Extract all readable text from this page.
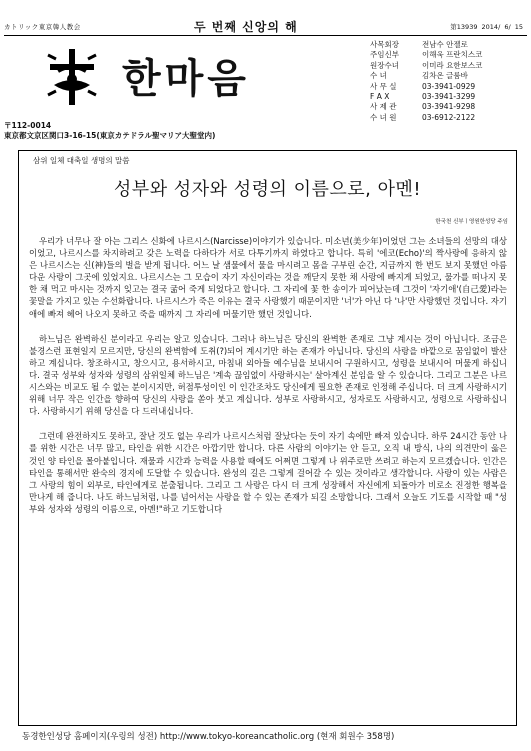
カトリック東京韓人教会	두 번째 신앙의 해	第13939 2014/ 6/ 15
한마음
사목회장	전남수 안젤로
주임신부	이해욱 프란치스코
원장수녀	이미라 요한보스코
수 녀	김차온 글룸바
사 무 실	03-3941-0929
F A X	03-3941-3299
사 제 관	03-3941-9298
수 녀 원	03-6912-2122
〒112-0014
東京都文京区関口3-16-15(東京カテドラル聖マリア大聖堂内)
삼위 일체 대축일 생명의 말씀
성부와 성자와 성령의 이름으로, 아멘!
한국천 신부ㅣ영원한성당 주임

우리가 너무나 잘 아는 그리스 신화에 나르시스(Narcisse)이야기가 있습니다. 미소년(美少年)이었던 그는 소녀들의 선망의 대상이었고, 나르시스를 차지하려고 갖은 노력을 다하다가 서로 다투기까지 하였다고 합니다. 특히 '에코(Echo)'의 짝사랑에 응하지 않은 나르시스는 신(神)들의 벌을 받게 됩니다. 어느 날 샘물에서 물을 마시려고 몸을 구부린 순간, 지금까지 한 번도 보지 못했던 아름다운 사랑이 그곳에 있었지요. 나르시스는 그 모습이 자기 자신이라는 것을 깨닫지 못한 채 사랑에 빠지게 되었고, 물가를 떠나지 못한 채 먹고 마시는 것까지 잊고는 결국 굶어 죽게 되었다고 합니다. 그 자리에 꽃 한 송이가 피어났는데 그것이 '자기애'(自己愛)라는 꽃말을 가지고 있는 수선화랍니다. 나르시스가 죽은 이유는 결국 사랑했기 때문이지만 '너'가 아닌 다 '나'만 사랑했던 것입니다. 자기애에 빠져 헤어 나오지 못하고 죽을 때까지 그 자리에 머물기만 했던 것입니다.

하느님은 완벽하신 분이라고 우리는 알고 있습니다. 그러나 하느님은 당신의 완벽한 존재로 그냥 계시는 것이 아닙니다. 조금은 불경스런 표현일지 모르지만, 당신의 완벽함에 도취(?)되어 계시기만 하는 존재가 아닙니다. 당신의 사랑을 바깥으로 꿈임없이 발산하고 계십니다. 창조하시고, 창으시고, 용서하시고, 마침내 외아들 예수님을 보내시어 구원하시고, 성령을 보내시어 머물게 하십니다. 결국 성부와 성자와 성령의 삼위일체 하느님은 '계속 끊임없이 사랑하시는' 살아계신 분임을 알 수 있습니다. 그리고 그분은 나르시스와는 비교도 될 수 없는 분이시지만, 허점투성이인 이 인간조차도 당신에게 필요한 존재로 인정해 주십니다. 더 크게 사랑하시기 위해 너무 작은 인간을 향하여 당신의 사랑을 쏟아 붓고 계십니다. 성부로 사랑하시고, 성자로도 사랑하시고, 성령으로 사랑하십니다. 사랑하시기 위해 당신을 다 드러내십니다.

그런데 완전하지도 못하고, 잘난 것도 없는 우리가 나르시스처럼 잘났다는 듯이 자기 속에만 빠져 있습니다. 하루 24시간 동안 나를 위한 시간은 너무 많고, 타인을 위한 시간은 아깝기만 합니다. 다른 사람의 이야기는 안 듣고, 오직 내 방식, 나의 의견만이 옳은 것인 양 타인을 몰아붙입니다. 재물과 시간과 능력을 사용할 때에도 어쩌면 그렇게 나 위주로만 쓰려고 하는지 모르겠습니다. 인간은 타인을 통해서만 완숙의 경지에 도달할 수 있습니다. 완성의 길은 그렇게 걸어갈 수 있는 것이라고 생각합니다. 사랑이 있는 사람은 그 사랑의 힘이 외부로, 타인에게로 분출됩니다. 그리고 그 사랑은 다시 더 크게 성장해서 자신에게 되돌아가 비로소 진정한 행복을 만나게 해 줍니다. 나도 하느님처럼, 나를 넘어서는 사랑을 할 수 있는 존재가 되길 소망합니다. 그래서 오늘도 기도를 시작할 때 "성부와 성자와 성령의 이름으로, 아멘!"하고 기도합니다

동경한인성당 홈페이지(우링의 성전) http://www.tokyo-koreancatholic.org (현재 회원수 358명)
